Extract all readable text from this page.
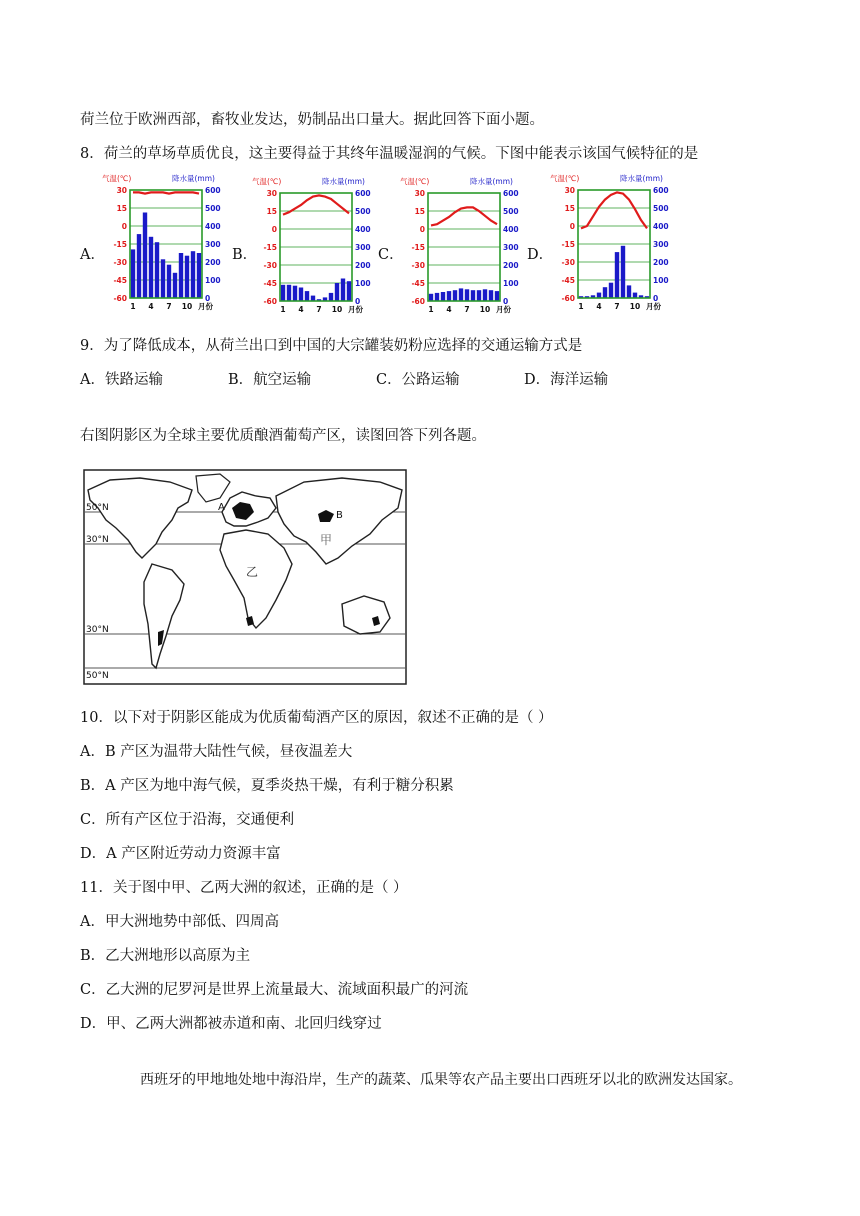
荷兰位于欧洲西部，畜牧业发达，奶制品出口量大。据此回答下面小题。
8．荷兰的草场草质优良，这主要得益于其终年温暖湿润的气候。下图中能表示该国气候特征的是
A．	B．	C．	D．
气温(℃)	降水量(mm)
30	600
15	500
0	400
-15	300
-30	200
-45	100
-60	0
1 4 7 10 月份
气温(℃)	降水量(mm)
30	600
15	500
0	400
-15	300
-30	200
-45	100
-60	0
1 4 7 10 月份
气温(℃)	降水量(mm)
30	600
15	500
0	400
-15	300
-30	200
-45	100
-60	0
1 4 7 10 月份
气温(℃)	降水量(mm)
30	600
15	500
0	400
-15	300
-30	200
-45	100
-60	0
1 4 7 10 月份
9．为了降低成本，从荷兰出口到中国的大宗罐装奶粉应选择的交通运输方式是
A．铁路运输	B．航空运输	C．公路运输	D．海洋运输
右图阴影区为全球主要优质酿酒葡萄产区，读图回答下列各题。
50°N
30°N
30°N
50°N
A
B
甲
乙
10．以下对于阴影区能成为优质葡萄酒产区的原因，叙述不正确的是（ ）
A．B 产区为温带大陆性气候，昼夜温差大
B．A 产区为地中海气候，夏季炎热干燥，有利于糖分积累
C．所有产区位于沿海，交通便利
D．A 产区附近劳动力资源丰富
11．关于图中甲、乙两大洲的叙述，正确的是（ ）
A．甲大洲地势中部低、四周高
B．乙大洲地形以高原为主
C．乙大洲的尼罗河是世界上流量最大、流域面积最广的河流
D．甲、乙两大洲都被赤道和南、北回归线穿过
西班牙的甲地地处地中海沿岸，生产的蔬菜、瓜果等农产品主要出口西班牙以北的欧洲发达国家。
